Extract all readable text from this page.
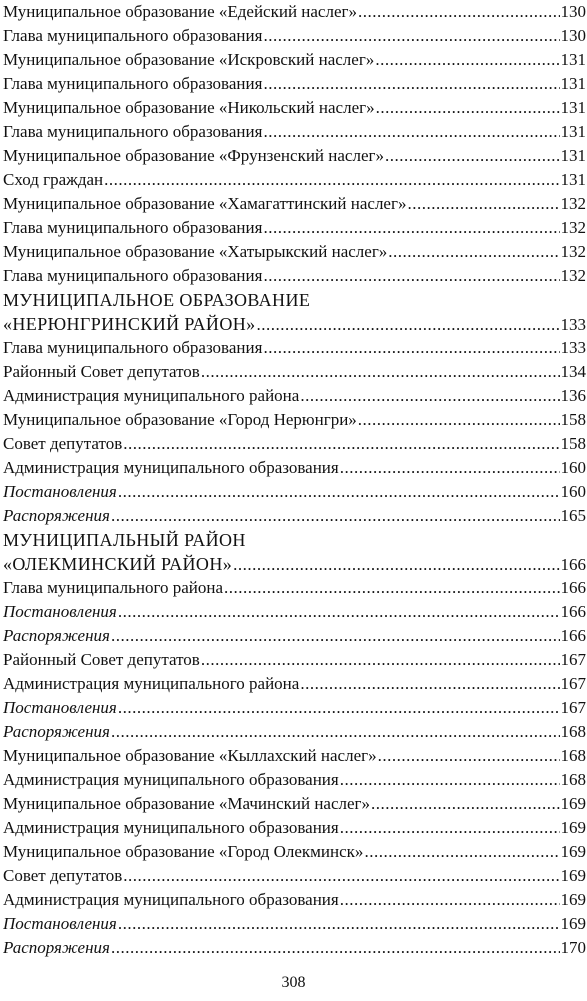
Муниципальное образование «Едейский наслег» .....	130
Глава муниципального образования .....	130
Муниципальное образование «Искровский наслег» .....	131
Глава муниципального образования .....	131
Муниципальное образование «Никольский наслег» .....	131
Глава муниципального образования .....	131
Муниципальное образование «Фрунзенский наслег» .....	131
Сход граждан .....	131
Муниципальное образование «Хамагаттинский наслег» .....	132
Глава муниципального образования .....	132
Муниципальное образование «Хатырыкский наслег» .....	132
Глава муниципального образования .....	132
МУНИЦИПАЛЬНОЕ ОБРАЗОВАНИЕ
«НЕРЮНГРИНСКИЙ РАЙОН» .....	133
Глава муниципального образования .....	133
Районный Совет депутатов .....	134
Администрация муниципального района .....	136
Муниципальное образование «Город Нерюнгри» .....	158
Совет депутатов .....	158
Администрация муниципального образования .....	160
Постановления .....	160
Распоряжения .....	165
МУНИЦИПАЛЬНЫЙ РАЙОН
«ОЛЕКМИНСКИЙ РАЙОН» .....	166
Глава муниципального района .....	166
Постановления .....	166
Распоряжения .....	166
Районный Совет депутатов .....	167
Администрация муниципального района .....	167
Постановления .....	167
Распоряжения .....	168
Муниципальное образование «Кыллахский наслег» .....	168
Администрация муниципального образования .....	168
Муниципальное образование «Мачинский наслег» .....	169
Администрация муниципального образования .....	169
Муниципальное образование «Город Олекминск» .....	169
Совет депутатов .....	169
Администрация муниципального образования .....	169
Постановления .....	169
Распоряжения .....	170
308
